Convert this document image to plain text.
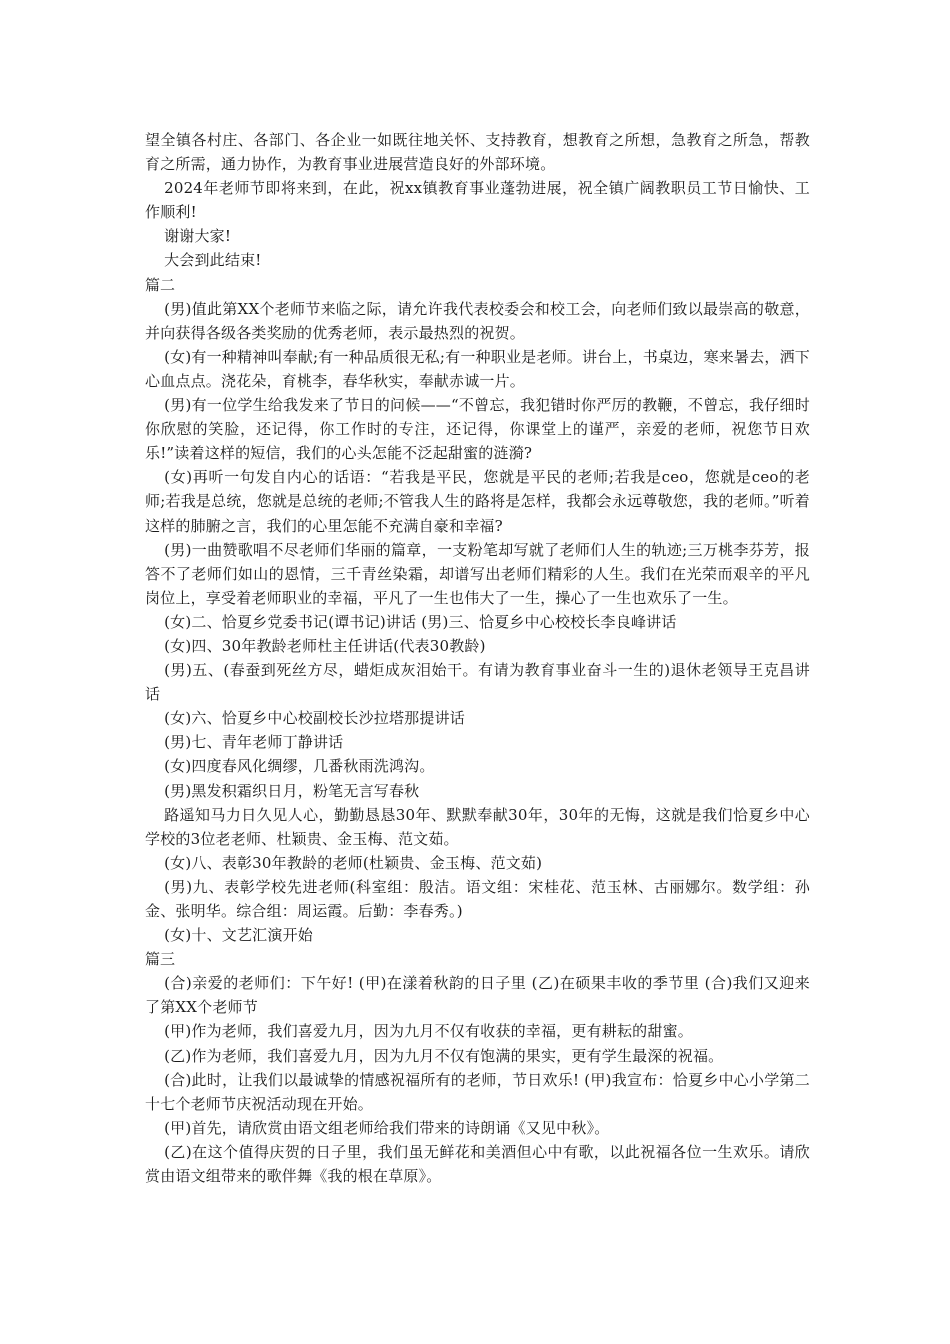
望全镇各村庄、各部门、各企业一如既往地关怀、支持教育，想教育之所想，急教育之所急，帮教育之所需，通力协作，为教育事业进展营造良好的外部环境。

2024年老师节即将来到，在此，祝xx镇教育事业蓬勃进展，祝全镇广阔教职员工节日愉快、工作顺利!

谢谢大家!

大会到此结束!

篇二

(男)值此第XX个老师节来临之际，请允许我代表校委会和校工会，向老师们致以最崇高的敬意，并向获得各级各类奖励的优秀老师，表示最热烈的祝贺。

(女)有一种精神叫奉献;有一种品质很无私;有一种职业是老师。讲台上，书桌边，寒来暑去，洒下心血点点。浇花朵，育桃李，春华秋实，奉献赤诚一片。

(男)有一位学生给我发来了节日的问候——“不曾忘，我犯错时你严厉的教鞭，不曾忘，我仔细时你欣慰的笑脸，还记得，你工作时的专注，还记得，你课堂上的谨严，亲爱的老师，祝您节日欢乐!”读着这样的短信，我们的心头怎能不泛起甜蜜的涟漪?

(女)再听一句发自内心的话语：“若我是平民，您就是平民的老师;若我是ceo，您就是ceo的老师;若我是总统，您就是总统的老师;不管我人生的路将是怎样，我都会永远尊敬您，我的老师。”听着这样的肺腑之言，我们的心里怎能不充满自豪和幸福?

(男)一曲赞歌唱不尽老师们华丽的篇章，一支粉笔却写就了老师们人生的轨迹;三万桃李芬芳，报答不了老师们如山的恩情，三千青丝染霜，却谱写出老师们精彩的人生。我们在光荣而艰辛的平凡岗位上，享受着老师职业的幸福，平凡了一生也伟大了一生，操心了一生也欢乐了一生。

(女)二、恰夏乡党委书记(谭书记)讲话 (男)三、恰夏乡中心校校长李良峰讲话

(女)四、30年教龄老师杜主任讲话(代表30教龄)

(男)五、(春蚕到死丝方尽，蜡炬成灰泪始干。有请为教育事业奋斗一生的)退休老领导王克昌讲话

(女)六、恰夏乡中心校副校长沙拉塔那提讲话

(男)七、青年老师丁静讲话

(女)四度春风化绸缪，几番秋雨洗鸿沟。

(男)黑发积霜织日月，粉笔无言写春秋

路遥知马力日久见人心，勤勤恳恳30年、默默奉献30年，30年的无悔，这就是我们恰夏乡中心学校的3位老老师、杜颖贵、金玉梅、范文茹。

(女)八、表彰30年教龄的老师(杜颖贵、金玉梅、范文茹)

(男)九、表彰学校先进老师(科室组：殷洁。语文组：宋桂花、范玉林、古丽娜尔。数学组：孙金、张明华。综合组：周运霞。后勤：李春秀。)

(女)十、文艺汇演开始

篇三

(合)亲爱的老师们：下午好! (甲)在漾着秋韵的日子里 (乙)在硕果丰收的季节里 (合)我们又迎来了第XX个老师节

(甲)作为老师，我们喜爱九月，因为九月不仅有收获的幸福，更有耕耘的甜蜜。

(乙)作为老师，我们喜爱九月，因为九月不仅有饱满的果实，更有学生最深的祝福。

(合)此时，让我们以最诚挚的情感祝福所有的老师，节日欢乐! (甲)我宣布：恰夏乡中心小学第二十七个老师节庆祝活动现在开始。

(甲)首先，请欣赏由语文组老师给我们带来的诗朗诵《又见中秋》。

(乙)在这个值得庆贺的日子里，我们虽无鲜花和美酒但心中有歌，以此祝福各位一生欢乐。请欣赏由语文组带来的歌伴舞《我的根在草原》。
